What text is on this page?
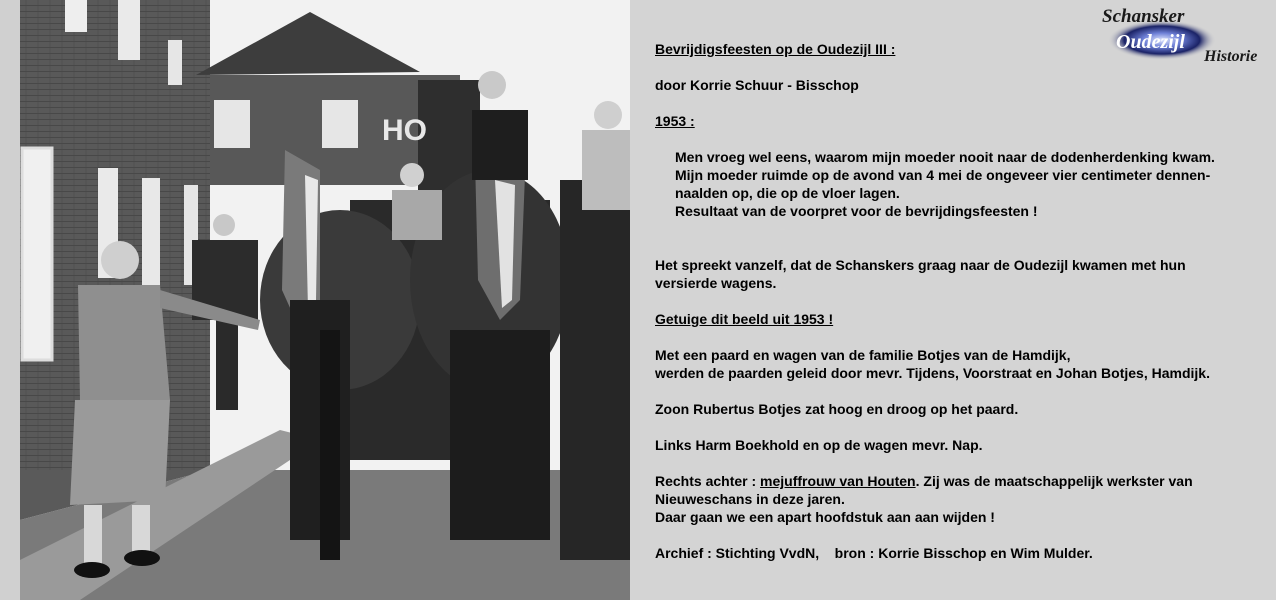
HO
Schansker
Oudezijl
Historie

Bevrijdigsfeesten op de Oudezijl III :

door Korrie Schuur - Bisschop

1953 :

Men vroeg wel eens, waarom mijn moeder nooit naar de dodenherdenking kwam.

Mijn moeder ruimde op de avond van 4 mei de ongeveer vier centimeter dennen-

naalden op, die op de vloer lagen.

Resultaat van de voorpret voor de bevrijdingsfeesten !

Het spreekt vanzelf, dat de Schanskers graag naar de Oudezijl kwamen met hun

versierde wagens.

Getuige dit beeld uit 1953 !

Met een paard en wagen van de familie Botjes van de Hamdijk,

werden de paarden geleid door mevr. Tijdens, Voorstraat en Johan Botjes, Hamdijk.

Zoon Rubertus Botjes zat hoog en droog op het paard.

Links Harm Boekhold en op de wagen mevr. Nap.

Rechts achter : mejuffrouw van Houten. Zij was de maatschappelijk werkster van

Nieuweschans in deze jaren.

Daar gaan we een apart hoofdstuk aan aan wijden !

Archief : Stichting VvdN,    bron : Korrie Bisschop en Wim Mulder.
